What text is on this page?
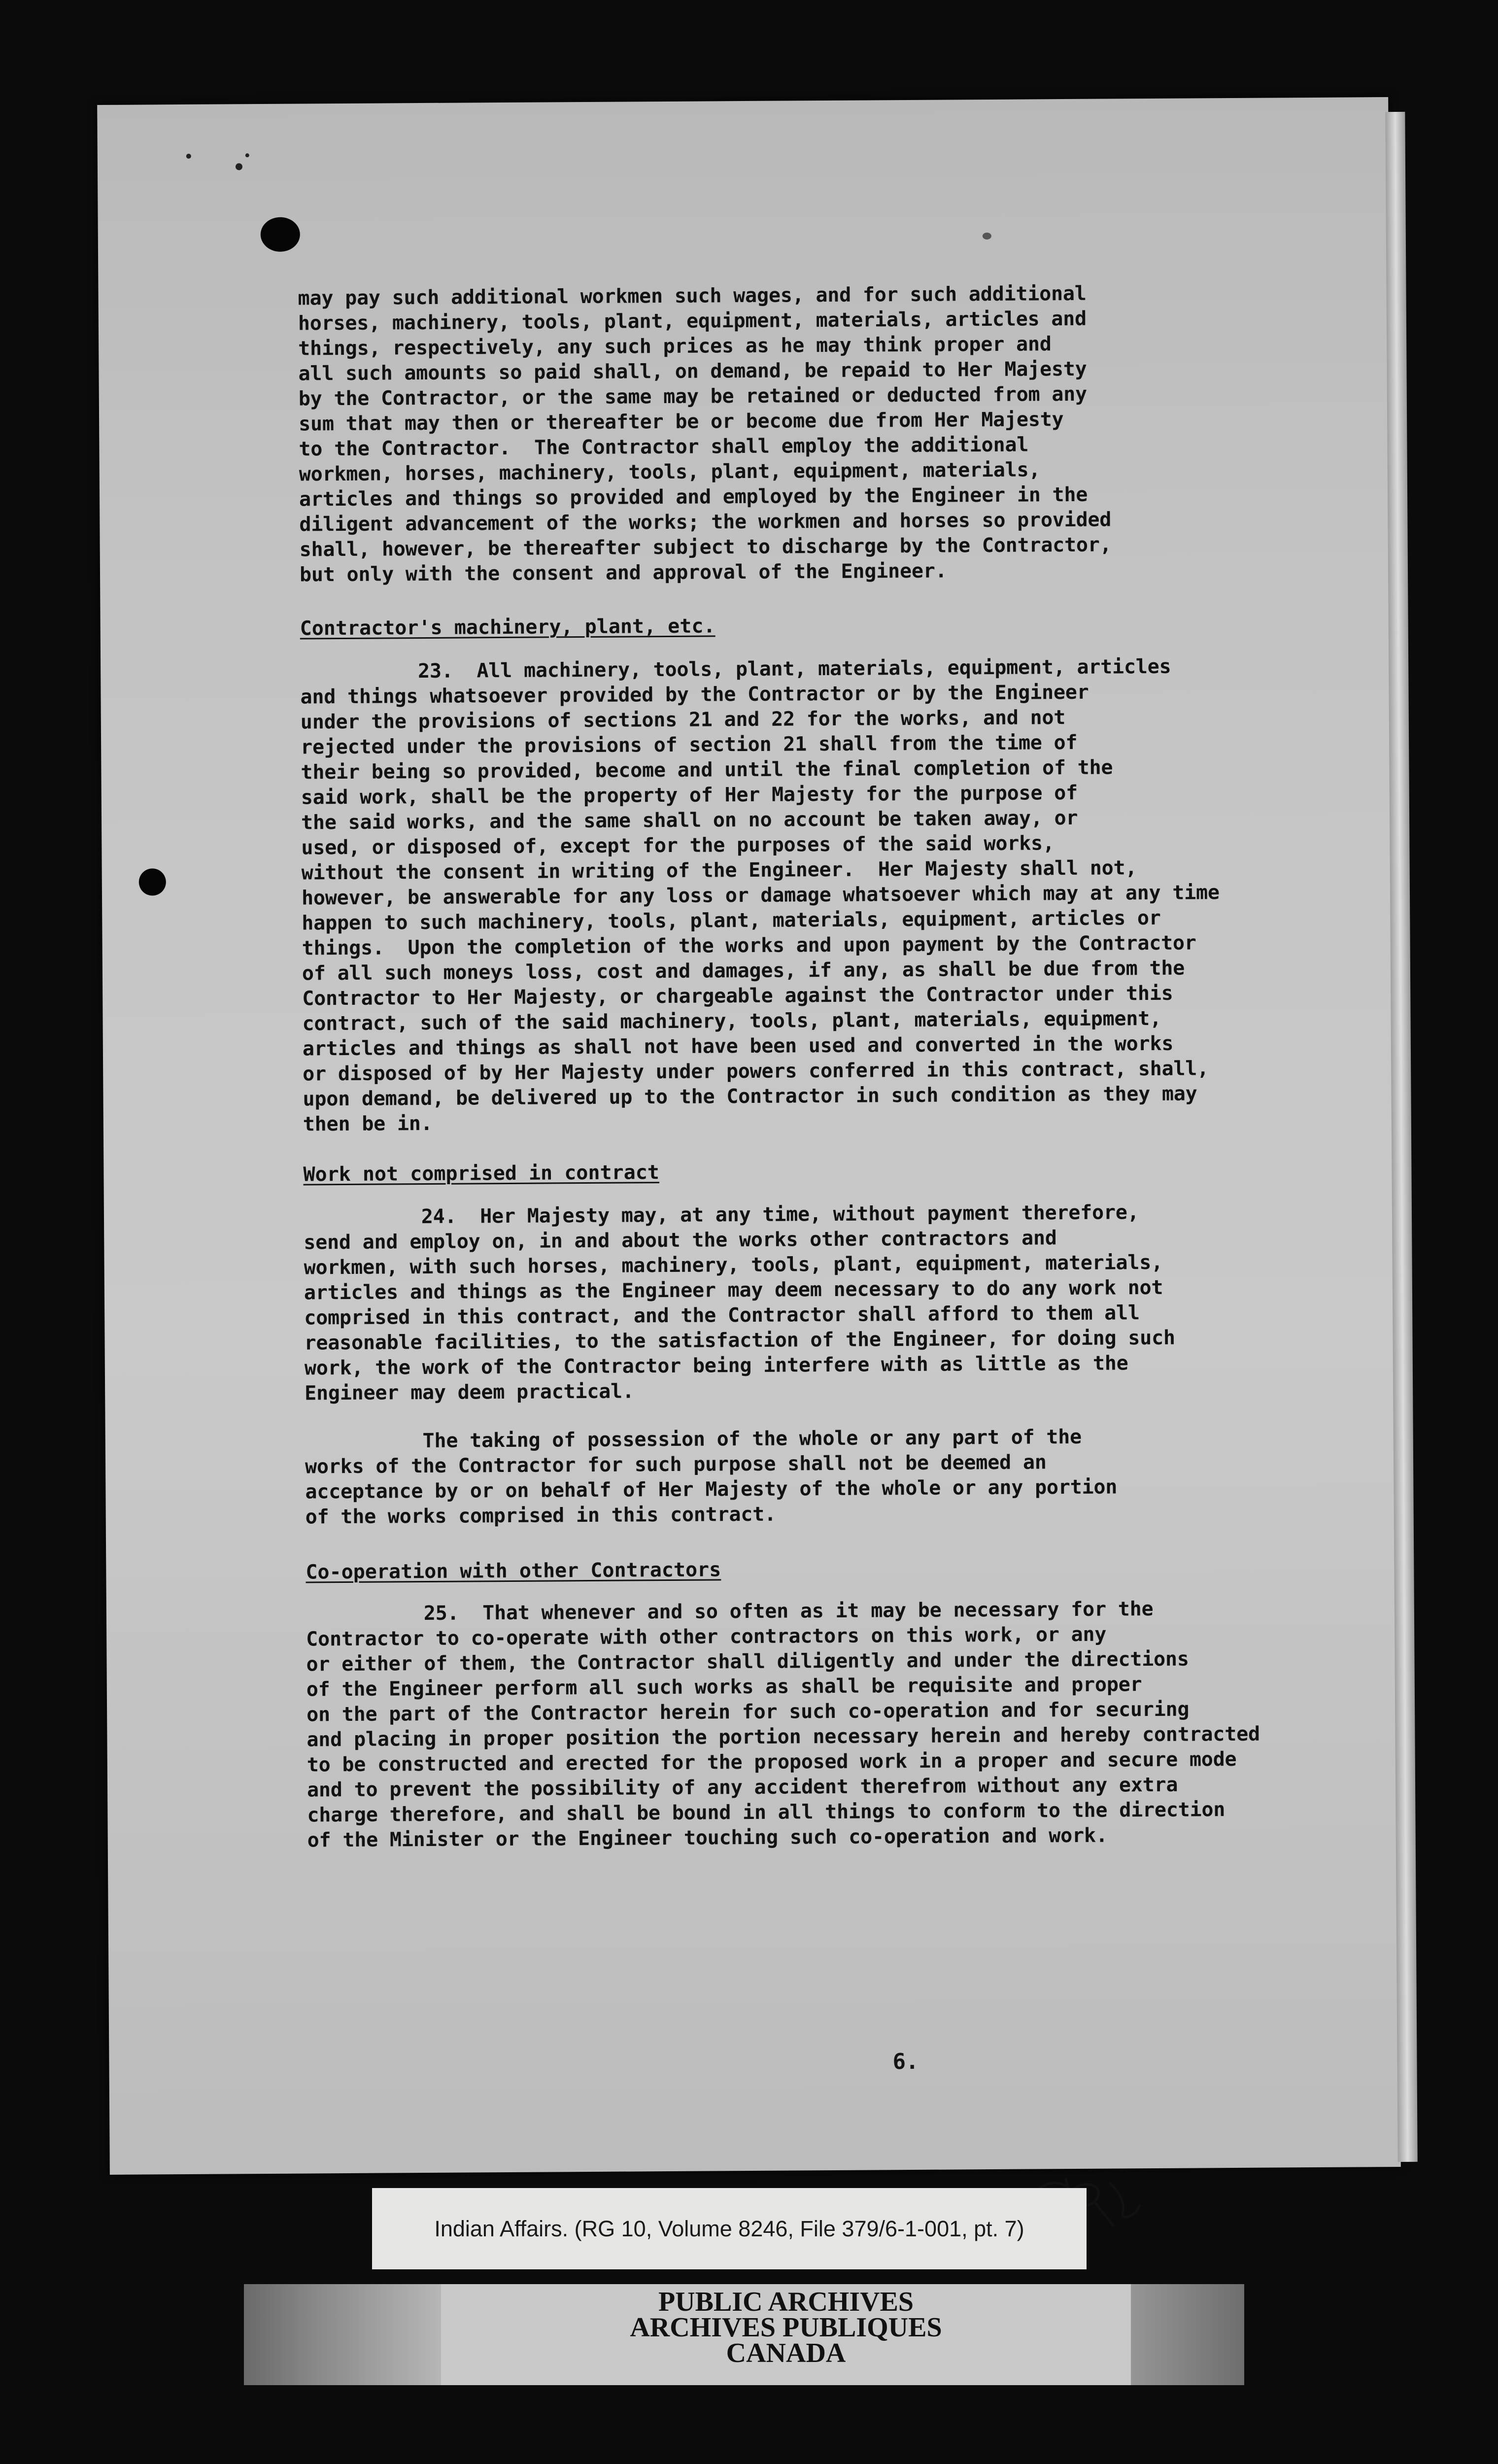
may pay such additional workmen such wages, and for such additional
horses, machinery, tools, plant, equipment, materials, articles and
things, respectively, any such prices as he may think proper and
all such amounts so paid shall, on demand, be repaid to Her Majesty
by the Contractor, or the same may be retained or deducted from any
sum that may then or thereafter be or become due from Her Majesty
to the Contractor.  The Contractor shall employ the additional
workmen, horses, machinery, tools, plant, equipment, materials,
articles and things so provided and employed by the Engineer in the
diligent advancement of the works; the workmen and horses so provided
shall, however, be thereafter subject to discharge by the Contractor,
but only with the consent and approval of the Engineer.
Contractor's machinery, plant, etc.
23.  All machinery, tools, plant, materials, equipment, articles
and things whatsoever provided by the Contractor or by the Engineer
under the provisions of sections 21 and 22 for the works, and not
rejected under the provisions of section 21 shall from the time of
their being so provided, become and until the final completion of the
said work, shall be the property of Her Majesty for the purpose of
the said works, and the same shall on no account be taken away, or
used, or disposed of, except for the purposes of the said works,
without the consent in writing of the Engineer.  Her Majesty shall not,
however, be answerable for any loss or damage whatsoever which may at any time
happen to such machinery, tools, plant, materials, equipment, articles or
things.  Upon the completion of the works and upon payment by the Contractor
of all such moneys loss, cost and damages, if any, as shall be due from the
Contractor to Her Majesty, or chargeable against the Contractor under this
contract, such of the said machinery, tools, plant, materials, equipment,
articles and things as shall not have been used and converted in the works
or disposed of by Her Majesty under powers conferred in this contract, shall,
upon demand, be delivered up to the Contractor in such condition as they may
then be in.
Work not comprised in contract
24.  Her Majesty may, at any time, without payment therefore,
send and employ on, in and about the works other contractors and
workmen, with such horses, machinery, tools, plant, equipment, materials,
articles and things as the Engineer may deem necessary to do any work not
comprised in this contract, and the Contractor shall afford to them all
reasonable facilities, to the satisfaction of the Engineer, for doing such
work, the work of the Contractor being interfere with as little as the
Engineer may deem practical.
The taking of possession of the whole or any part of the
works of the Contractor for such purpose shall not be deemed an
acceptance by or on behalf of Her Majesty of the whole or any portion
of the works comprised in this contract.
Co-operation with other Contractors
25.  That whenever and so often as it may be necessary for the
Contractor to co-operate with other contractors on this work, or any
or either of them, the Contractor shall diligently and under the directions
of the Engineer perform all such works as shall be requisite and proper
on the part of the Contractor herein for such co-operation and for securing
and placing in proper position the portion necessary herein and hereby contracted
to be constructed and erected for the proposed work in a proper and secure mode
and to prevent the possibility of any accident therefrom without any extra
charge therefore, and shall be bound in all things to conform to the direction
of the Minister or the Engineer touching such co-operation and work.
6.
Indian Affairs. (RG 10, Volume 8246, File 379/6-1-001, pt. 7)
PUBLIC ARCHIVES
ARCHIVES PUBLIQUES
CANADA
